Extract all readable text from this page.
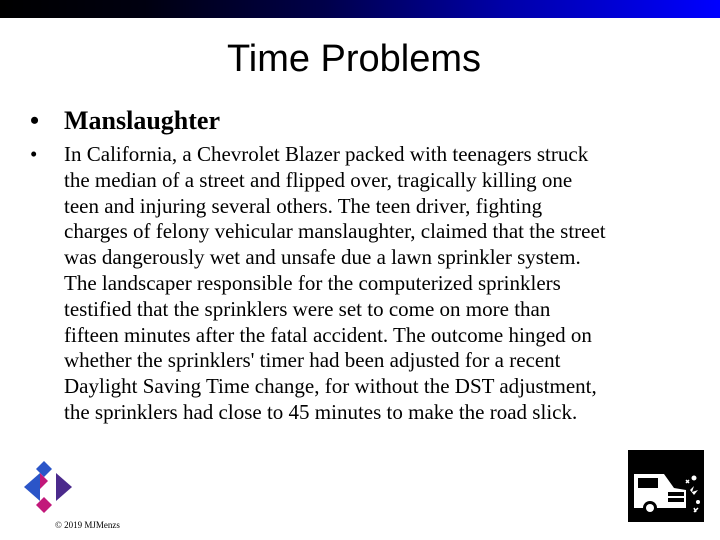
Time Problems
• Manslaughter
• In California, a Chevrolet Blazer packed with teenagers struck
the median of a street and flipped over, tragically killing one
teen and injuring several others. The teen driver, fighting
charges of felony vehicular manslaughter, claimed that the street
was dangerously wet and unsafe due a lawn sprinkler system.
The landscaper responsible for the computerized sprinklers
testified that the sprinklers were set to come on more than
fifteen minutes after the fatal accident. The outcome hinged on
whether the sprinklers' timer had been adjusted for a recent
Daylight Saving Time change, for without the DST adjustment,
the sprinklers had close to 45 minutes to make the road slick.
© 2019 MJMenzs
